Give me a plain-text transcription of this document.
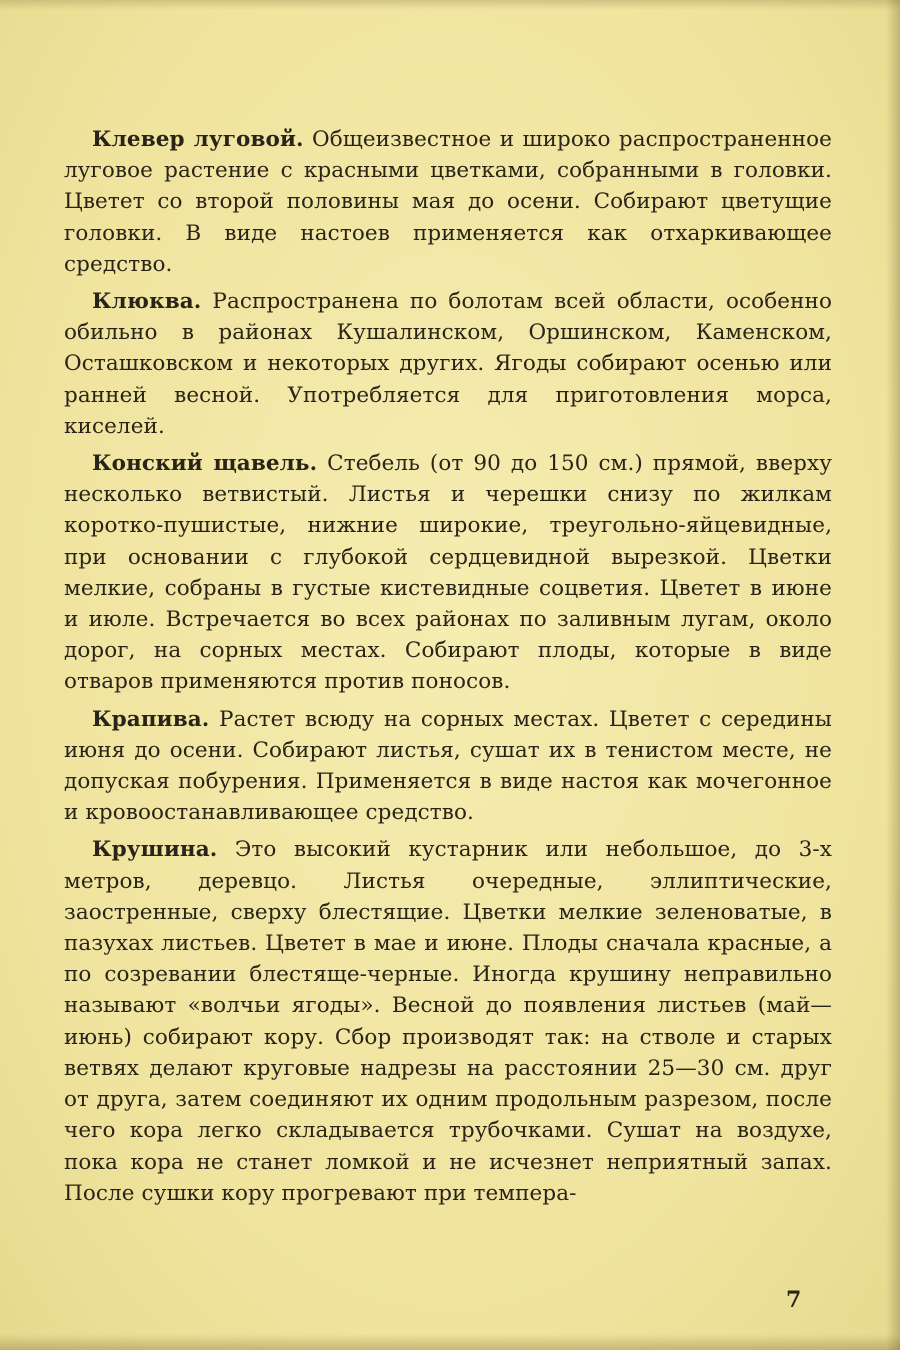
Клевер луговой. Общеизвестное и широко распространенное луговое растение с красными цветками, собранными в головки. Цветет со второй половины мая до осени. Собирают цветущие головки. В виде настоев применяется как отхаркивающее средство.

Клюква. Распространена по болотам всей области, особенно обильно в районах Кушалинском, Оршинском, Каменском, Осташковском и некоторых других. Ягоды собирают осенью или ранней весной. Употребляется для приготовления морса, киселей.

Конский щавель. Стебель (от 90 до 150 см.) прямой, вверху несколько ветвистый. Листья и черешки снизу по жилкам коротко-пушистые, нижние широкие, треугольно-яйцевидные, при основании с глубокой сердцевидной вырезкой. Цветки мелкие, собраны в густые кистевидные соцветия. Цветет в июне и июле. Встречается во всех районах по заливным лугам, около дорог, на сорных местах. Собирают плоды, которые в виде отваров применяются против поносов.

Крапива. Растет всюду на сорных местах. Цветет с середины июня до осени. Собирают листья, сушат их в тенистом месте, не допуская побурения. Применяется в виде настоя как мочегонное и кровоостанавливающее средство.

Крушина. Это высокий кустарник или небольшое, до 3-х метров, деревцо. Листья очередные, эллиптические, заостренные, сверху блестящие. Цветки мелкие зеленоватые, в пазухах листьев. Цветет в мае и июне. Плоды сначала красные, а по созревании блестяще-черные. Иногда крушину неправильно называют «волчьи ягоды». Весной до появления листьев (май—июнь) собирают кору. Сбор производят так: на стволе и старых ветвях делают круговые надрезы на расстоянии 25—30 см. друг от друга, затем соединяют их одним продольным разрезом, после чего кора легко складывается трубочками. Сушат на воздухе, пока кора не станет ломкой и не исчезнет неприятный запах. После сушки кору прогревают при темпера-

7
